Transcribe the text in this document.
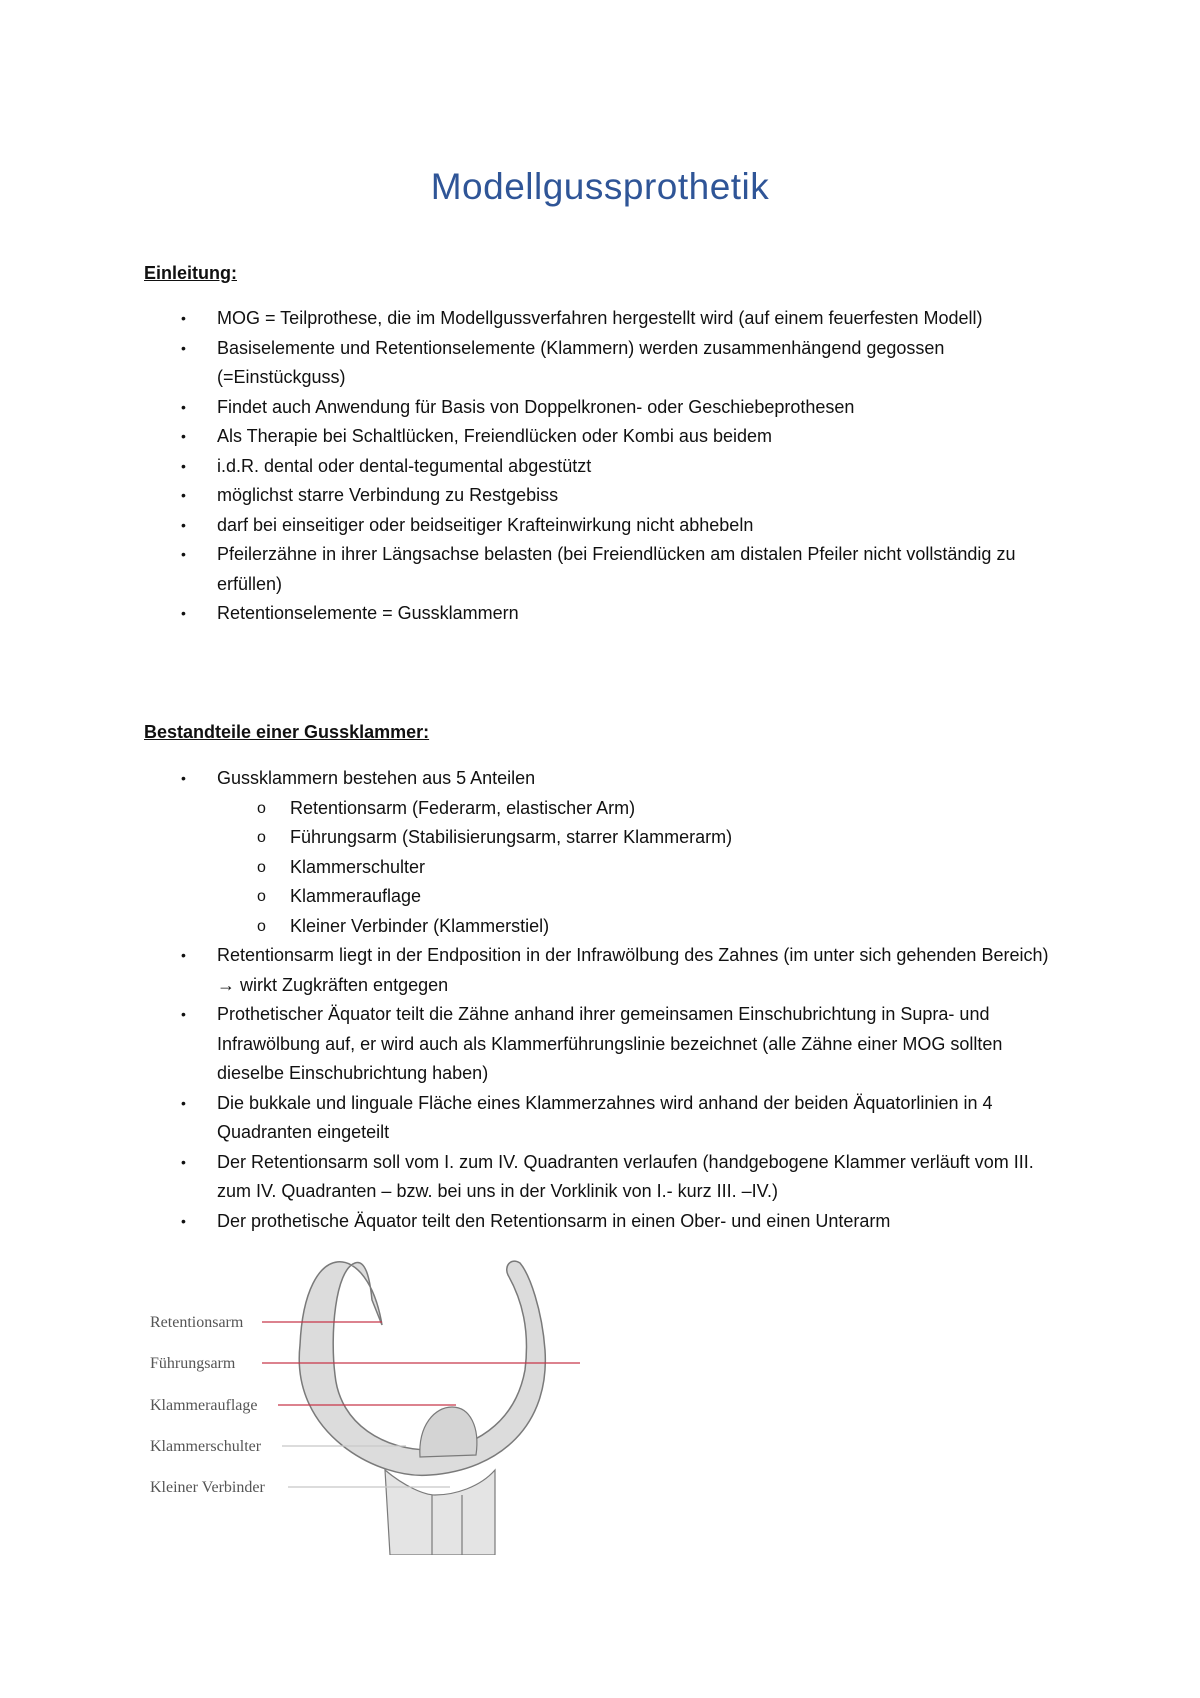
Modellgussprothetik
Einleitung:
• MOG = Teilprothese, die im Modellgussverfahren hergestellt wird (auf einem feuerfesten Modell)
• Basiselemente und Retentionselemente (Klammern) werden zusammenhängend gegossen (=Einstückguss)
• Findet auch Anwendung für Basis von Doppelkronen- oder Geschiebeprothesen
• Als Therapie bei Schaltlücken, Freiendlücken oder Kombi aus beidem
• i.d.R. dental oder dental-tegumental abgestützt
• möglichst starre Verbindung zu Restgebiss
• darf bei einseitiger oder beidseitiger Krafteinwirkung nicht abhebeln
• Pfeilerzähne in ihrer Längsachse belasten (bei Freiendlücken am distalen Pfeiler nicht vollständig zu erfüllen)
• Retentionselemente = Gussklammern
Bestandteile einer Gussklammer:
• Gussklammern bestehen aus 5 Anteilen
o Retentionsarm (Federarm, elastischer Arm)
o Führungsarm (Stabilisierungsarm, starrer Klammerarm)
o Klammerschulter
o Klammerauflage
o Kleiner Verbinder (Klammerstiel)
• Retentionsarm liegt in der Endposition in der Infrawölbung des Zahnes (im unter sich gehenden Bereich) → wirkt Zugkräften entgegen
• Prothetischer Äquator teilt die Zähne anhand ihrer gemeinsamen Einschubrichtung in Supra- und Infrawölbung auf, er wird auch als Klammerführungslinie bezeichnet (alle Zähne einer MOG sollten dieselbe Einschubrichtung haben)
• Die bukkale und linguale Fläche eines Klammerzahnes wird anhand der beiden Äquatorlinien in 4 Quadranten eingeteilt
• Der Retentionsarm soll vom I. zum IV. Quadranten verlaufen (handgebogene Klammer verläuft vom III. zum IV. Quadranten – bzw. bei uns in der Vorklinik von I.- kurz III. –IV.)
• Der prothetische Äquator teilt den Retentionsarm in einen Ober- und einen Unterarm
Retentionsarm
Führungsarm
Klammerauflage
Klammerschulter
Kleiner Verbinder
